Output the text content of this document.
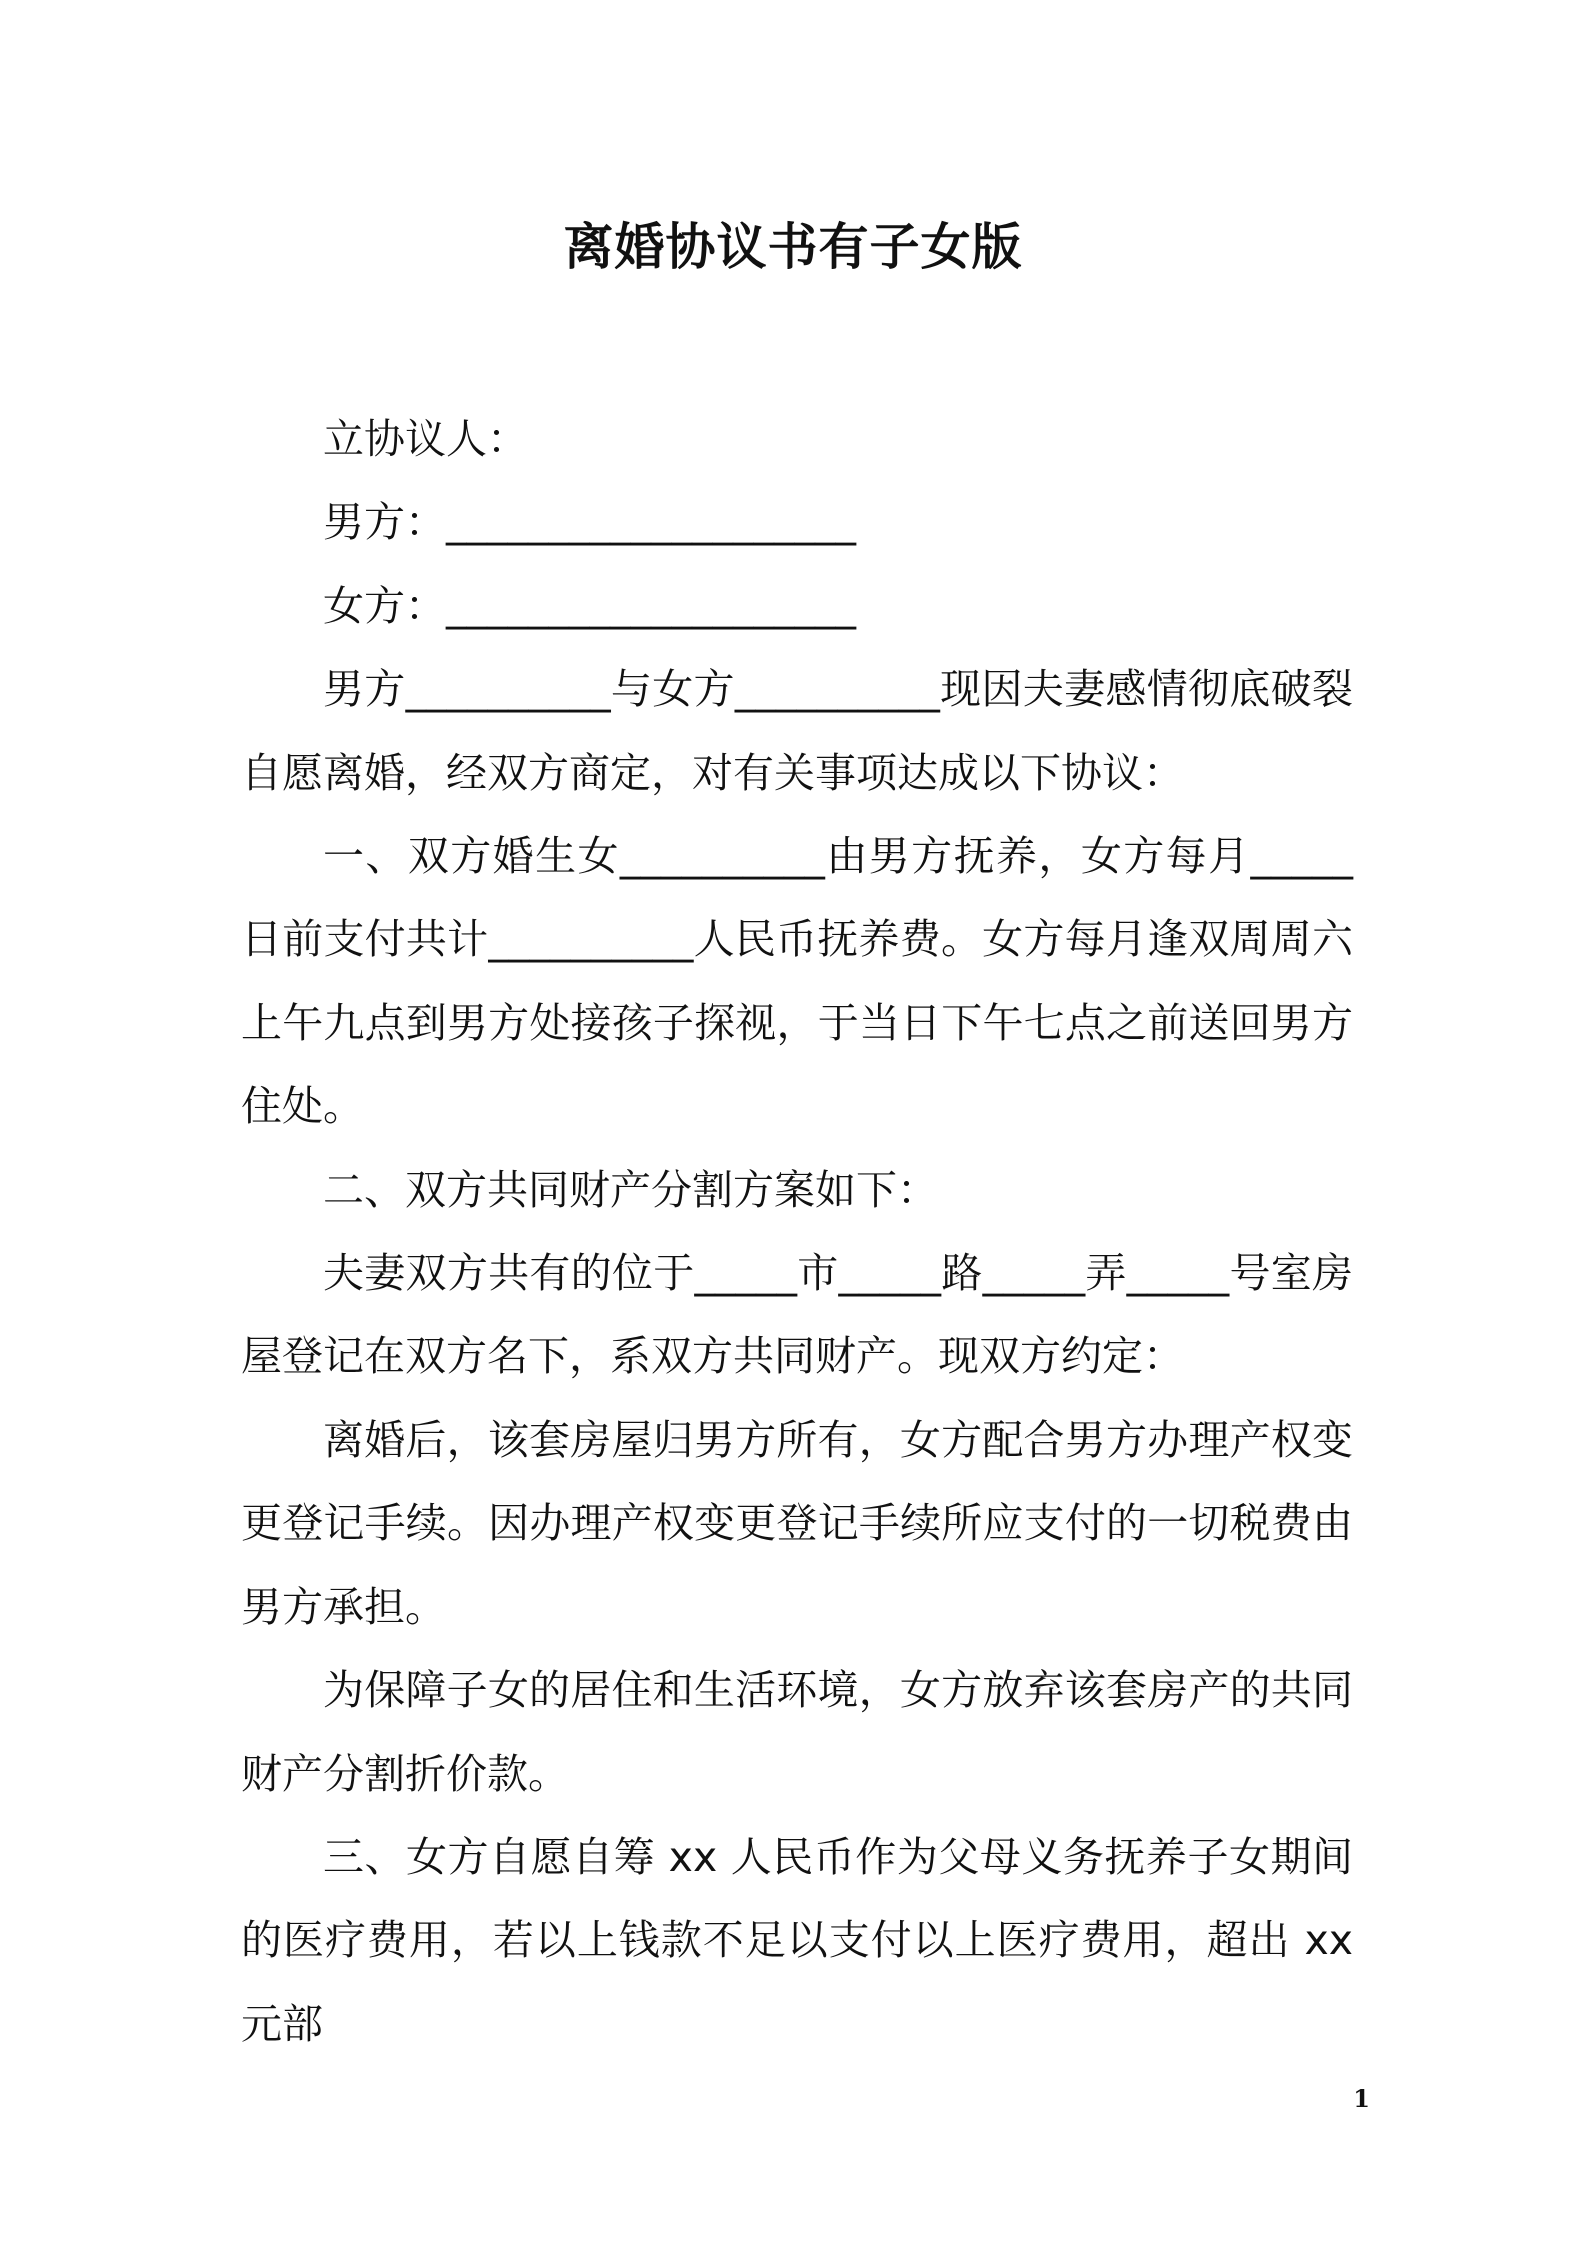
离婚协议书有子女版

立协议人：

男方：____________________

女方：____________________

男方__________与女方__________现因夫妻感情彻底破裂自愿离婚，经双方商定，对有关事项达成以下协议：

一、双方婚生女__________由男方抚养，女方每月_____日前支付共计__________人民币抚养费。女方每月逢双周周六上午九点到男方处接孩子探视，于当日下午七点之前送回男方住处。

二、双方共同财产分割方案如下：

夫妻双方共有的位于_____市_____路_____弄_____号室房屋登记在双方名下，系双方共同财产。现双方约定：

离婚后，该套房屋归男方所有，女方配合男方办理产权变更登记手续。因办理产权变更登记手续所应支付的一切税费由男方承担。

为保障子女的居住和生活环境，女方放弃该套房产的共同财产分割折价款。

三、女方自愿自筹 xx 人民币作为父母义务抚养子女期间的医疗费用，若以上钱款不足以支付以上医疗费用，超出 xx 元部

1
